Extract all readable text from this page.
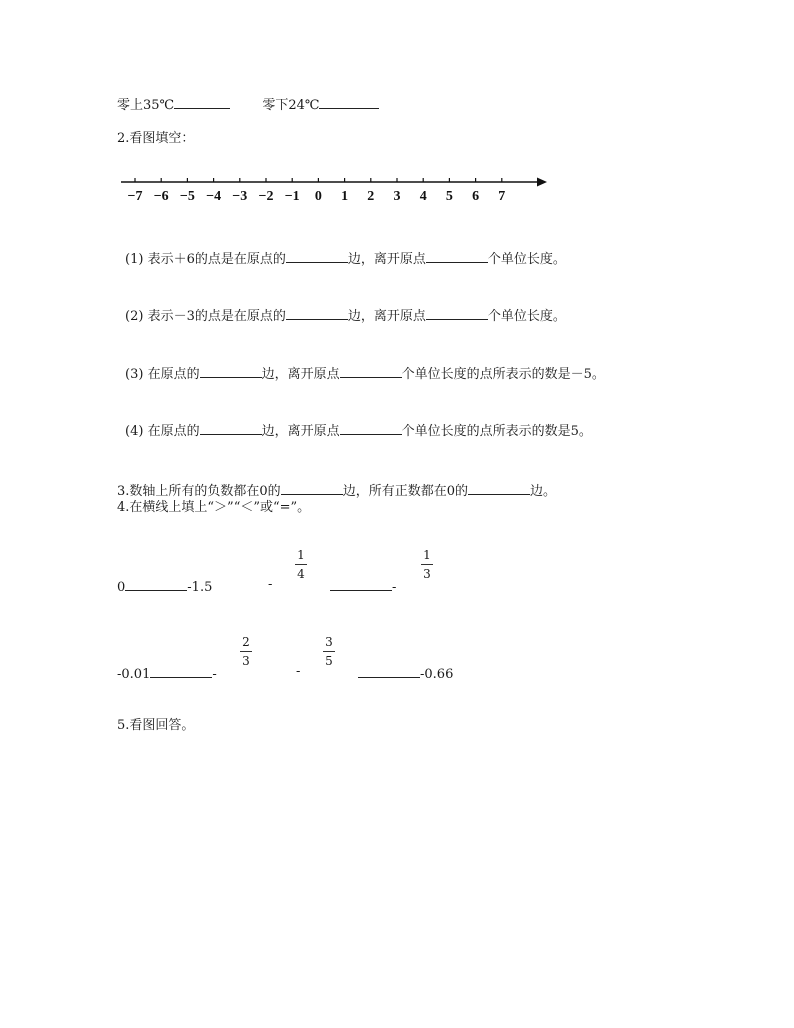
零上35℃	零下24℃
2.看图填空：
−7 −6 −5 −4 −3 −2 −1 0 1 2 3 4 5 6 7
(1) 表示＋6的点是在原点的	边，离开原点	个单位长度。
(2) 表示－3的点是在原点的	边，离开原点	个单位长度。
(3) 在原点的	边，离开原点	个单位长度的点所表示的数是－5。
(4) 在原点的	边，离开原点	个单位长度的点所表示的数是5。
3.数轴上所有的负数都在0的	边，所有正数都在0的	边。
4.在横线上填上“＞”“＜”或“=”。
0	-1.5	-
1
4
-
1
3
-0.01	-
2
3
-
3
5
-0.66
5.看图回答。
